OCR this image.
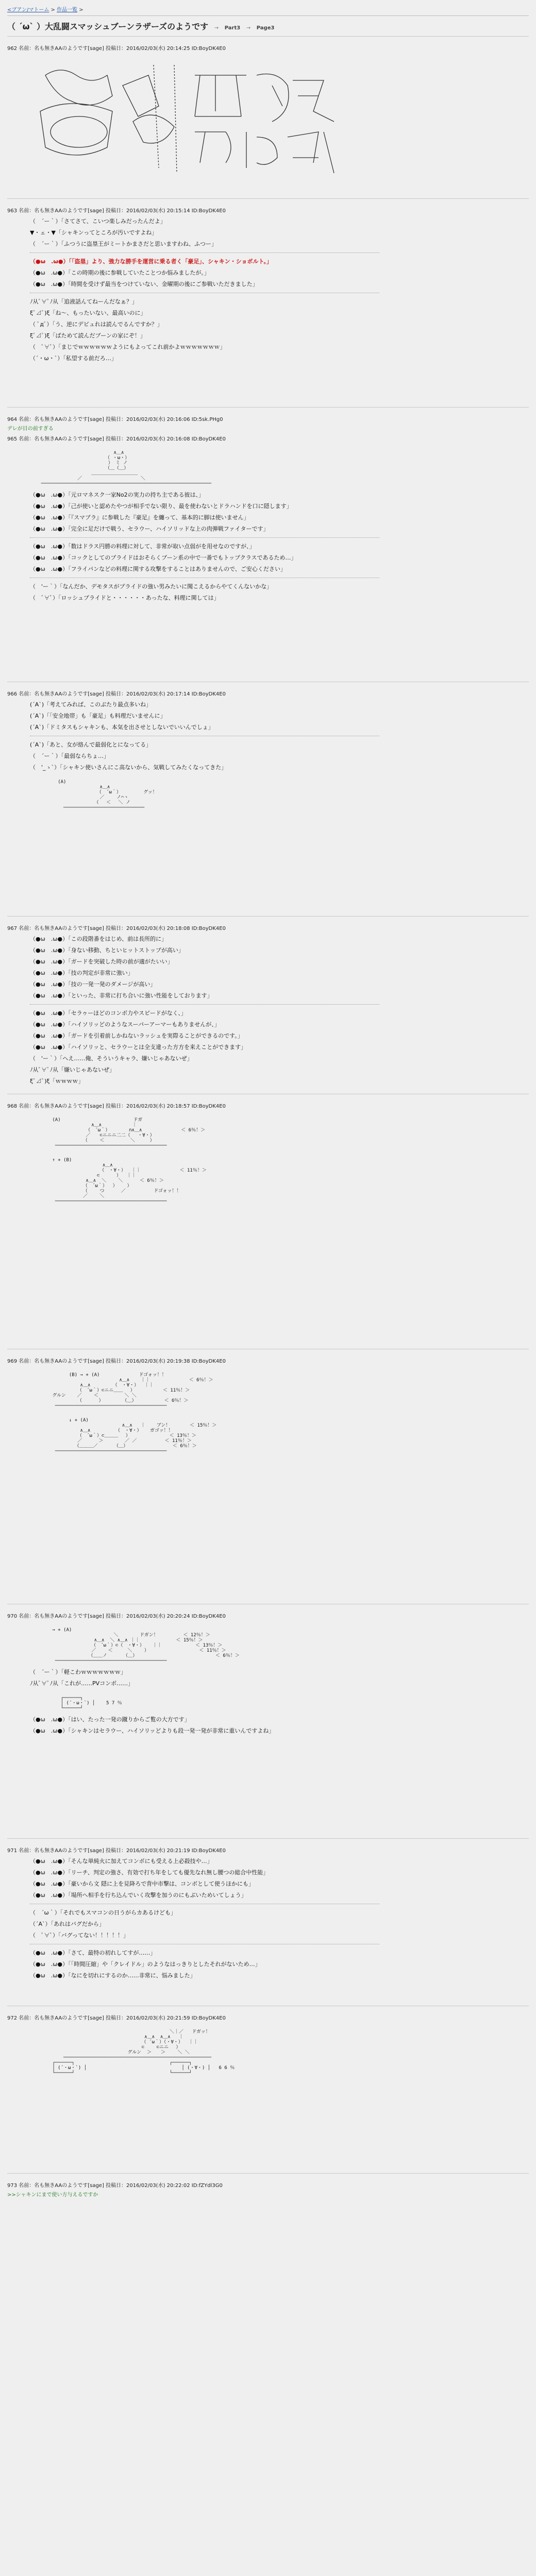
<ブアン/マトーム > 作品一覧 >
（ ´ω` ）大乱闘スマッシュブーンラザーズのようです → Part3 → Page3
962 名前：名も無きAAのようです[sage] 投稿日：2016/02/03(水) 20:14:25 ID:BoyDK4E0
963 名前：名も無きAAのようです[sage] 投稿日：2016/02/03(水) 20:15:14 ID:BoyDK4E0
（　´ー｀）「さてさて、こいつ楽しみだったんだよ」
▼・ェ・▼「シャキンってところが汚いですよね」
（　´ー｀）「ふつうに盗塁王がミートかまさだと思いますわね、ふつー」
（●ω　.ω●）「「盗塁」より、強力な勝手を運営に乗る者く「豪足」、シャキン・ショボルト。」
（●ω　.ω●）「この時期の後に参戦していたことつか悩みましたが。」
（●ω　.ω●）「時間を受けず最当をつけていない、金曜期の後にご参戦いただきました」
ﾉ从ﾟ∀ﾟﾉ从「追液話んてねーんだなぁ？」
ξﾟ⊿ﾟ)ξ「ね〜、もったいない、最高いのに」
（ ﾟдﾟ）「う、逆にデビュれは読んでるんですか？」
ξﾟ⊿ﾟ)ξ「ばためて読んだブーンの家にぞ！」
（　ﾟ∀ﾟ）「まじでｗｗｗｗｗｗようにもよってこれ前かよｗｗｗｗｗｗｗ」
（´・ω・`）「私望する前だろ…」
964 名前：名も無きAAのようです[sage] 投稿日：2016/02/03(水) 20:16:06 ID:5sk.PHg0
デレが目の前すぎる
965 名前：名も無きAAのようです[sage] 投稿日：2016/02/03(水) 20:16:08 ID:BoyDK4E0

∧＿∧
（ ・ω・）
） ミ ノ
（＿（＿）
＿＿＿＿＿＿＿＿＿＿
／                     ＼
─────────────────────────────────────────────────────────────

（●ω　.ω●）「元ロマネスク一家No2の実力の持ち主である彼は、」
（●ω　.ω●）「己が使いと認めたやつが相手でない限り、最を使わないとドラハンドを口に隠します」
（●ω　.ω●）「『スマブラ』に参戦した『豪足』を纏って、基本的に脚は使いません」
（●ω　.ω●）「完全に足だけで戦う、セラウー、ハイソリッドな上の肉弾戦ファイターです」
（●ω　.ω●）「数はドラス円勝の料理に対して、非常が取い点弱がを用せなのですが、」
（●ω　.ω●）「コックとしてのプライドはおそらくブーン系の中で一番でもトップクラスであるため…」
（●ω　.ω●）「フライパンなどの料理に関する攻撃をすることはありませんので、ご安心ください」
（　'ー｀）「なんだか、デモタスがプライドの強い男みたいに聞こえるからやてくんないかな」
（　ﾟ∀ﾟ）「ロッシュプライドと・・・・・・あったな、料理に関しては」
966 名前：名も無きAAのようです[sage] 投稿日：2016/02/03(水) 20:17:14 ID:BoyDK4E0
(´A`)「考えてみれば、このぶたり最点多いね」
(´A`)「「安全地帯」も「豪足」も料理だいませんに」
(´A`)「ドミタスもシャキンも、本気を出させとしないでいいんでしょ」
(´A`)「あと、女が絡んで最弱化とになってる」
（　´ー｀）「最弱ならちょ…」
（　'_ゝ`）「シャキン使いさんにこ高ないから、気戦してみたくなってきた」

(A)
∧＿∧
（　´ω｀）	グッ！
／　　 ノ⌒ヽ
（　 ＜　 ＼ ノ
─────────────────────────────

967 名前：名も無きAAのようです[sage] 投稿日：2016/02/03(水) 20:18:08 ID:BoyDK4E0
（●ω　.ω●）「この段階番をはじめ、前は長所的に」
（●ω　.ω●）「身ない移動、ちといヒットストップが高い」
（●ω　.ω●）「ガードを突破した時の前が適がたいい」
（●ω　.ω●）「技の判定が非常に強い」
（●ω　.ω●）「技の一発一発のダメージが高い」
（●ω　.ω●）「といった、非常に打ち合いに強い性能をしております」
（●ω　.ω●）「セラゥーほどのコンボ力やスピードがなく、」
（●ω　.ω●）「ハイソリッどのようなスーパーアーマーもありませんが、」
（●ω　.ω●）「ガードを引着前しかねないラッシュを実際ることができるのです。」
（●ω　.ω●）「ハイソリッと、セラウーとは全支違った方方を来えことができます」
（　'ー｀）「へえ……俺、そういうキャラ、嫌いじゃあないぜ」
ﾉ从ﾟ∀ﾟﾉ从「嫌いじゃあないぜ」
ξﾟ⊿ﾟ)ξ「ｗｗｗｗ」
968 名前：名も無きAAのようです[sage] 投稿日：2016/02/03(水) 20:18:57 ID:BoyDK4E0

(A)	ドガ
∧＿∧　　　　　　 ｜
（　´ω｀）　　　　 ∩∧＿∧	＜ 6％！＞
／　　⊂ニニニ二二（　 ・∀・）
（　　 ＜　　　　　 ＼　　  ）
────────────────────────────────────────

↑ + (B)
∧＿∧
（　・∀・）  ｜｜	＜ 11％！＞
⊂　　　 ）  ｜｜
∧＿∧  ＼　　 ＼	＜ 6％！＞
（　´ω｀）  ）　　 ）
（　　 つ      ／	ドゴォッ！！
／　　 ＼
────────────────────────────────────────

969 名前：名も無きAAのようです[sage] 投稿日：2016/02/03(水) 20:19:38 ID:BoyDK4E0

(B) → + (A)	ドゴォッ！！
∧＿∧    ｜｜	＜ 6％！＞
∧＿∧        （　・∀・）  ｜｜
（　´ω｀）⊂ニニ＿＿　 ）	＜ 11％！＞
グルン    ／　　 ＜　　　　　 ＼ ＼
（　　 　）　　　　 （＿）	＜ 6％！＞
────────────────────────────────────────

↓ + (A)
∧＿∧   ｜    ブン！	＜ 15％！＞
∧＿∧         （　・∀・）   ガゴッ！！
（　´ω｀）⊂＿＿＿　 ）	＜ 13％！＞
／　　　 ＞　　　　 ／ ／	＜ 11％！＞
（＿＿＿／　　　　（＿）	＜ 6％！＞
────────────────────────────────────────

970 名前：名も無きAAのようです[sage] 投稿日：2016/02/03(水) 20:20:24 ID:BoyDK4E0

→ + (A)
＼　　　　	ドガン！	＜ 12％！＞
∧＿∧  ＼ ∧＿∧ ｜｜	＜ 15％！＞
（　´ω｀）⊂（　・∀・）   ｜｜	＜ 13％！＞
／　　 ＜ 　　 ＼　　 ）	＜ 11％！＞
（＿＿ノ　　　　（＿）	＜ 6％！＞
────────────────────────────────────────

（　´ー｀）「軽こわｗｗｗｗｗｗｗ」
ﾉ从ﾟ∀ﾟﾉ从「これが……PVコンボ……」

┌──────┐
│ (´・ω・`) │    5 7 ％
└──────┘

（●ω　.ω●）「はい、たった一発の蹴りからご覧の大方です」
（●ω　.ω●）「シャキンはセラウー、ハイソリッどよりも段一発一発が非常に重いんですよね」
971 名前：名も無きAAのようです[sage] 投稿日：2016/02/03(水) 20:21:19 ID:BoyDK4E0
（●ω　.ω●）「そんな単純火に加えてコンボにも受える上必殺技や…」
（●ω　.ω●）「リーチ、判定の強さ、有効で打ち年をしても優先なれ無し腰つの総合中性能」
（●ω　.ω●）「豪いから文 隠に上を見降ろで背中市撃は、コンボとして使うほかにも」
（●ω　.ω●）「場所へ相手を行ち込んでいく攻撃を加うのにもぶいためいてしょう」
（　´ω｀）「それでもスマコンの日うがらカあるけども」
（´A`）「あれはバグだから」
（　ﾟ∀ﾟ）「バグってない！！！！！」
（●ω　.ω●）「さて、最特の初れしてすが……」
（●ω　.ω●）「「時間圧縮」や「クレイドル」のようなはっきりとしたそれがないため…」
（●ω　.ω●）「なにを切れにするのか……非常に、悩みました」
972 名前：名も無きAAのようです[sage] 投稿日：2016/02/03(水) 20:21:59 ID:BoyDK4E0

＼｜／   ドガッ！
∧＿∧  ∧＿∧   ｜
（ ´ω｀）（・∀・）  ｜｜
⊂　　 ⊂ニニ　 ）
グルン  ＞　　＞　　 ＼ ＼
─────────────────────────────────────────────────────
┌──────┐                                  ┌──────┐
│ (´・ω・`) │                                  │ (・∀・) │   6 6 ％
└──────┘                                  └──────┘

973 名前：名も無きAAのようです[sage] 投稿日：2016/02/03(水) 20:22:02 ID:fZYdl3G0
>>シャキンにまで使い方与えるですか
